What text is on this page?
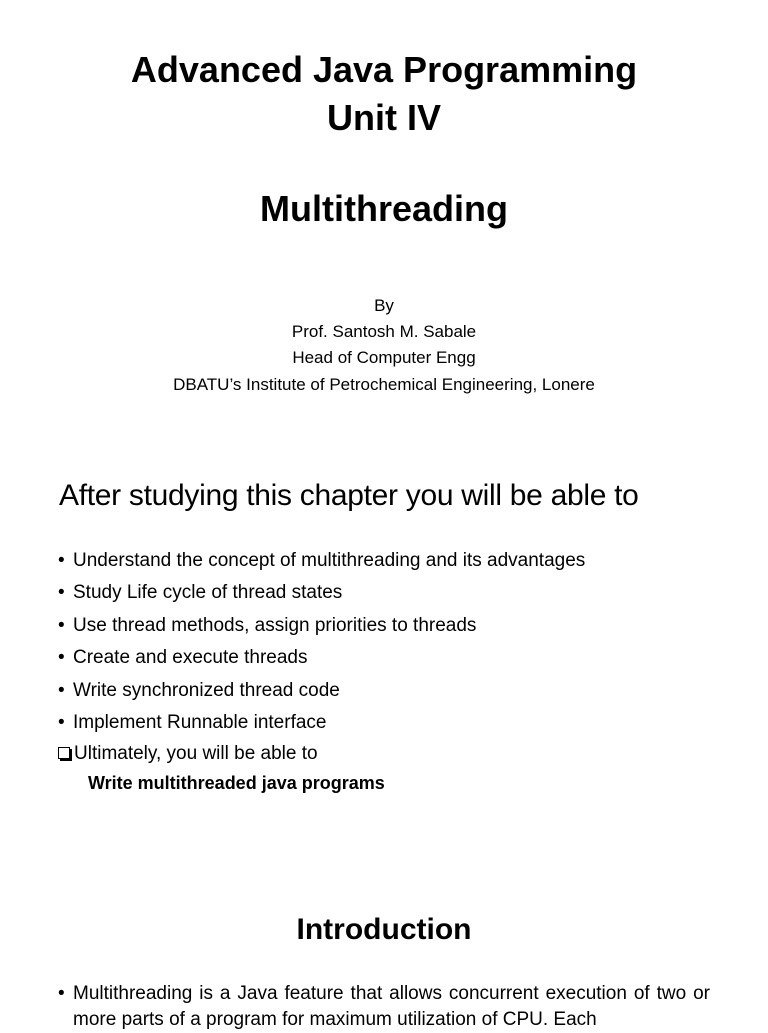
Advanced Java Programming
Unit IV
Multithreading
By
Prof. Santosh M. Sabale
Head of Computer Engg
DBATU’s Institute of Petrochemical Engineering, Lonere
After studying this chapter you will be able to
• Understand the concept of multithreading and its advantages
• Study Life cycle of thread states
• Use thread methods, assign priorities to threads
• Create and execute threads
• Write synchronized thread code
• Implement Runnable interface
Ultimately, you will be able to
Write multithreaded java programs
Introduction
• Multithreading is a Java feature that allows concurrent execution of two or more parts of a program for maximum utilization of CPU. Each
